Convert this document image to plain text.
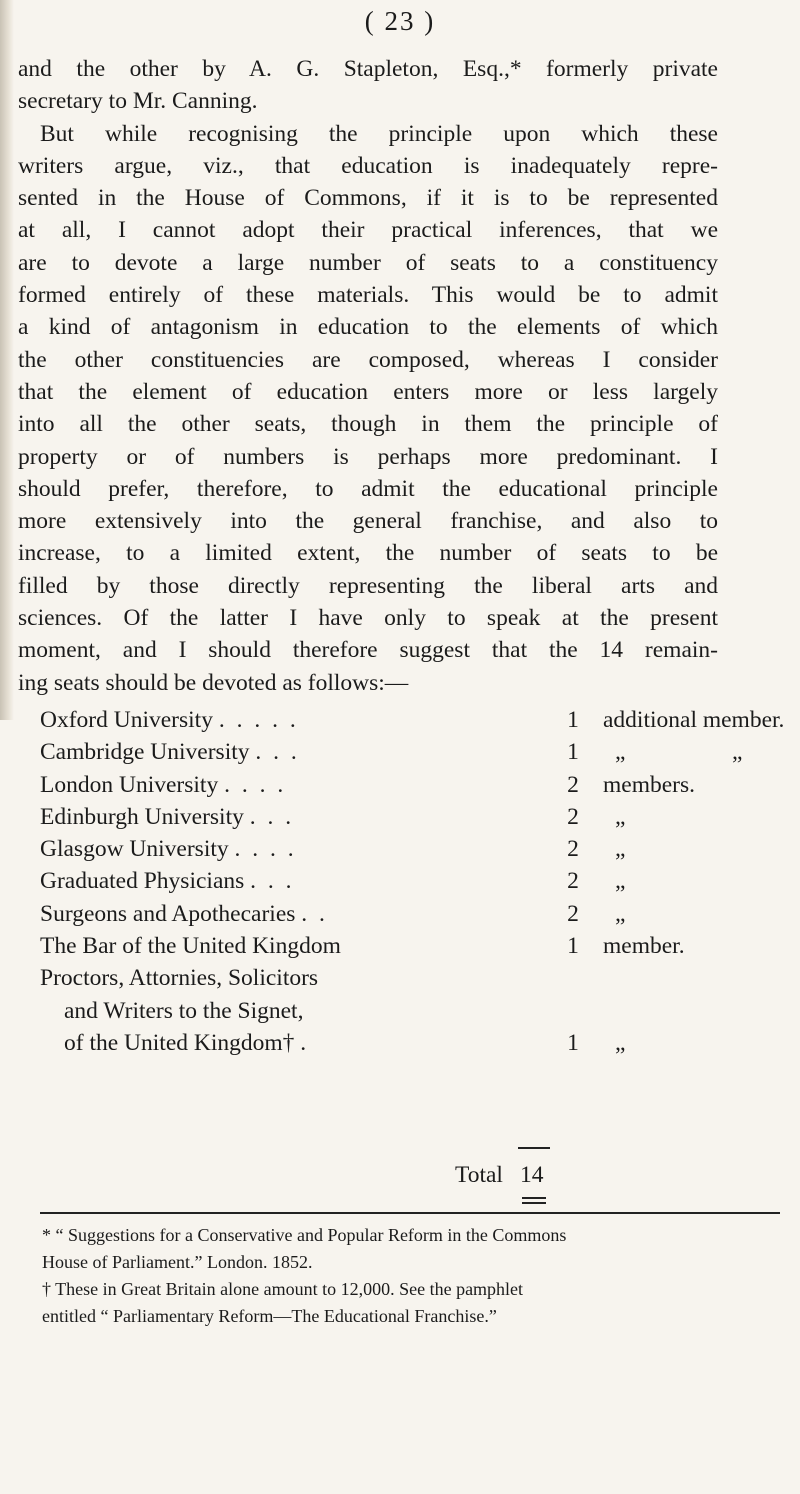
( 23 )
and the other by A. G. Stapleton, Esq.,* formerly private
secretary to Mr. Canning.
But while recognising the principle upon which these
writers argue, viz., that education is inadequately repre-
sented in the House of Commons, if it is to be represented
at all, I cannot adopt their practical inferences, that we
are to devote a large number of seats to a constituency
formed entirely of these materials. This would be to admit
a kind of antagonism in education to the elements of which
the other constituencies are composed, whereas I consider
that the element of education enters more or less largely
into all the other seats, though in them the principle of
property or of numbers is perhaps more predominant. I
should prefer, therefore, to admit the educational principle
more extensively into the general franchise, and also to
increase, to a limited extent, the number of seats to be
filled by those directly representing the liberal arts and
sciences. Of the latter I have only to speak at the present
moment, and I should therefore suggest that the 14 remain-
ing seats should be devoted as follows:—
Oxford University . . . . .	1 additional member.
Cambridge University . . .	1 „	„
London University . . . .	2 members.
Edinburgh University . . .	2 „
Glasgow University . . . .	2 „
Graduated Physicians . . .	2 „
Surgeons and Apothecaries . .	2 „
The Bar of the United Kingdom	1 member.
Proctors, Attornies, Solicitors
and Writers to the Signet,
of the United Kingdom† .	1 „
Total 14
* “ Suggestions for a Conservative and Popular Reform in the Commons
House of Parliament.” London. 1852.
† These in Great Britain alone amount to 12,000. See the pamphlet
entitled “ Parliamentary Reform—The Educational Franchise.”
